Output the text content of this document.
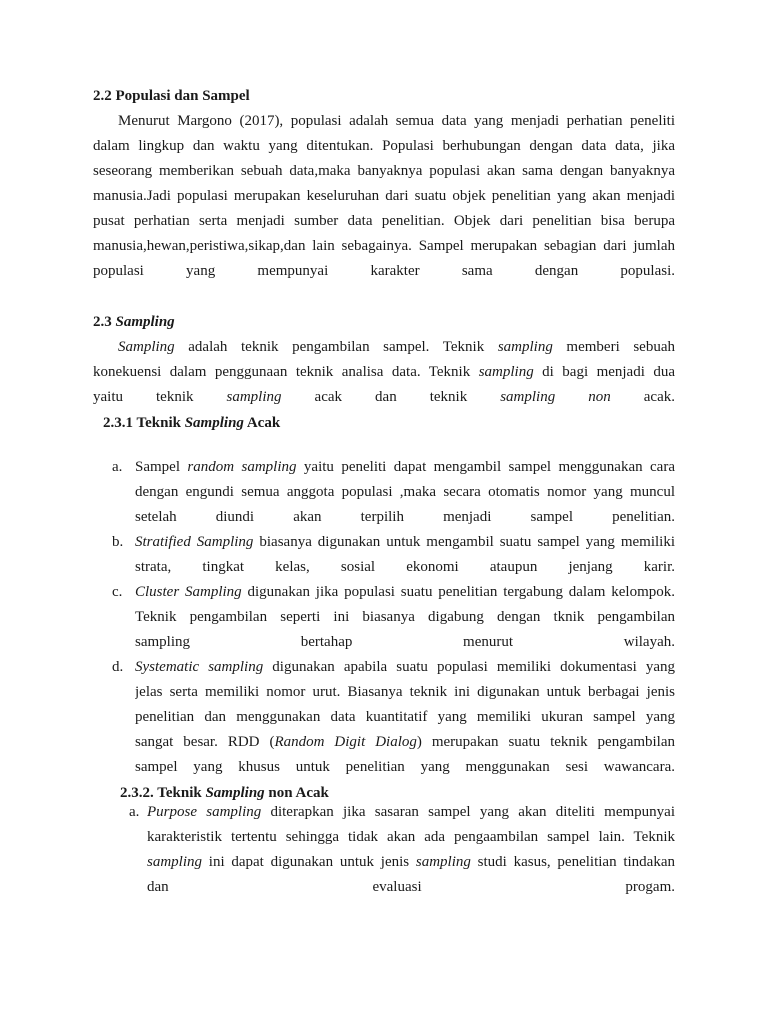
2.2 Populasi dan Sampel
Menurut Margono (2017), populasi adalah semua data yang menjadi perhatian peneliti
dalam lingkup dan waktu yang ditentukan. Populasi berhubungan dengan data data, jika
seseorang memberikan sebuah data,maka banyaknya populasi akan sama dengan banyaknya
manusia.Jadi populasi merupakan keseluruhan dari suatu objek penelitian yang akan menjadi
pusat perhatian serta menjadi sumber data penelitian. Objek dari penelitian bisa berupa
manusia,hewan,peristiwa,sikap,dan lain sebagainya. Sampel merupakan sebagian dari jumlah
populasi yang mempunyai karakter sama dengan populasi.
2.3 Sampling
Sampling adalah teknik pengambilan sampel. Teknik sampling memberi sebuah
konekuensi dalam penggunaan teknik analisa data. Teknik sampling di bagi menjadi dua
yaitu teknik sampling acak dan teknik sampling non acak.
2.3.1 Teknik Sampling Acak
a. Sampel random sampling yaitu peneliti dapat mengambil sampel menggunakan cara
dengan engundi semua anggota populasi ,maka secara otomatis nomor yang muncul
setelah diundi akan terpilih menjadi sampel penelitian.
b. Stratified Sampling biasanya digunakan untuk mengambil suatu sampel yang memiliki
strata, tingkat kelas, sosial ekonomi ataupun jenjang karir.
c. Cluster Sampling digunakan jika populasi suatu penelitian tergabung dalam kelompok.
Teknik pengambilan seperti ini biasanya digabung dengan tknik pengambilan
sampling bertahap menurut wilayah.
d. Systematic sampling digunakan apabila suatu populasi memiliki dokumentasi yang
jelas serta memiliki nomor urut. Biasanya teknik ini digunakan untuk berbagai jenis
penelitian dan menggunakan data kuantitatif yang memiliki ukuran sampel yang
sangat besar. RDD (Random Digit Dialog) merupakan suatu teknik pengambilan
sampel yang khusus untuk penelitian yang menggunakan sesi wawancara.
2.3.2. Teknik Sampling non Acak
a. Purpose sampling diterapkan jika sasaran sampel yang akan diteliti mempunyai
karakteristik tertentu sehingga tidak akan ada pengaambilan sampel lain. Teknik
sampling ini dapat digunakan untuk jenis sampling studi kasus, penelitian tindakan
dan evaluasi progam.
